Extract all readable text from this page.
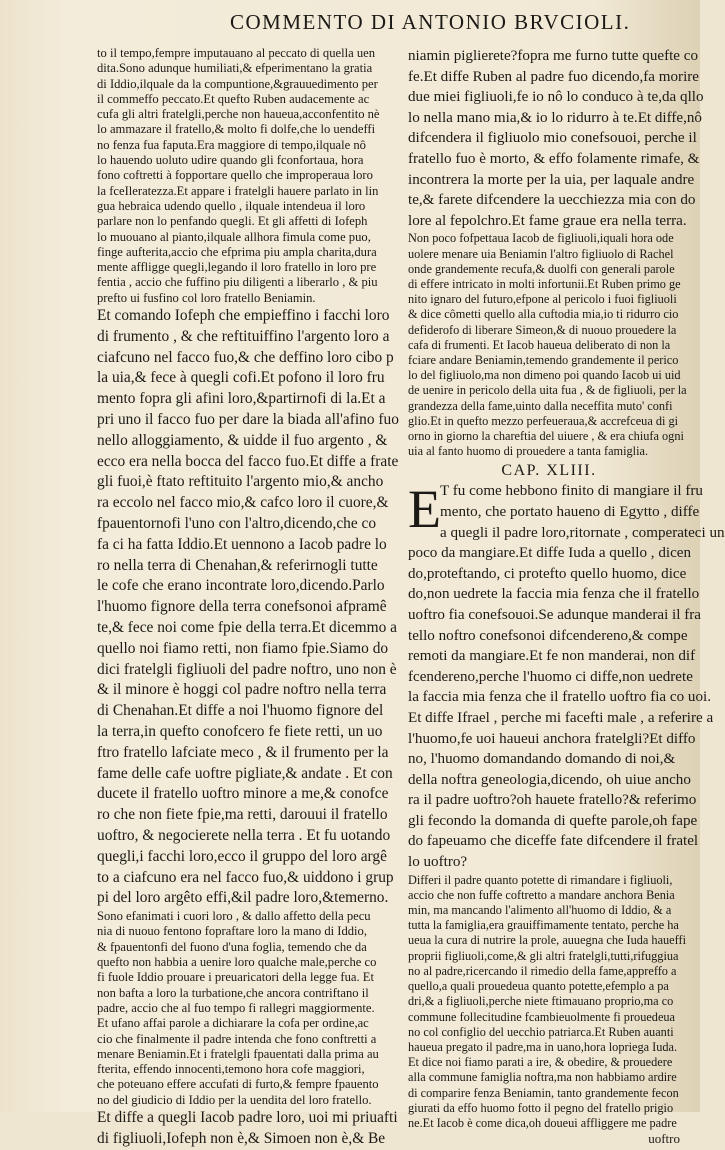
COMMENTO DI ANTONIO BRVCIOLI.
to il tempo,fempre imputauano al peccato di quella uen
dita.Sono adunque humiliati,& efperimentano la gratia
di Iddio,ilquale da la compuntione,&grauuedimento per
il commeffo peccato.Et quefto Ruben audacemente ac
cufa gli altri fratelgli,perche non haueua,acconfentito nè
lo ammazare il fratello,& molto fi dolfe,che lo uendeffi
no fenza fua faputa.Era maggiore di tempo,ilquale nô
lo hauendo uoluto udire quando gli fconfortaua, hora
fono coftretti à fopportare quello che improperaua loro
la fceIleratezza.Et appare i fratelgli hauere parlato in lin
gua hebraica udendo quello , ilquale intendeua il loro
parlare non lo penfando quegli. Et gli affetti di Iofeph
lo muouano al pianto,ilquale allhora fimula come puo,
finge aufterita,accio che efprima piu ampla charita,dura
mente affligge quegli,legando il loro fratello in loro pre
fentia , accio che fuffino piu diligenti a liberarlo , & piu
prefto ui fusfino col loro fratello Beniamin.
Et comando Iofeph che empieffino i facchi loro
di frumento , & che reftituiffino l'argento loro a
ciafcuno nel facco fuo,& che deffino loro cibo p
la uia,& fece à quegli cofi.Et pofono il loro fru
mento fopra gli afini loro,&partirnofi di la.Et a
pri uno il facco fuo per dare la biada all'afino fuo
nello alloggiamento, & uidde il fuo argento , &
ecco era nella bocca del facco fuo.Et diffe a frate
gli fuoi,è ftato reftituito l'argento mio,& ancho
ra eccolo nel facco mio,& cafco loro il cuore,&
fpauentornofi l'uno con l'altro,dicendo,che co
fa ci ha fatta Iddio.Et uennono a Iacob padre lo
ro nella terra di Chenahan,& referirnogli tutte
le cofe che erano incontrate loro,dicendo.Parlo
l'huomo fignore della terra conefsonoi afpramê
te,& fece noi come fpie della terra.Et dicemmo a
quello noi fiamo retti, non fiamo fpie.Siamo do
dici fratelgli figliuoli del padre noftro, uno non è
& il minore è hoggi col padre noftro nella terra
di Chenahan.Et diffe a noi l'huomo fignore del
la terra,in quefto conofcero fe fiete retti, un uo
ftro fratello lafciate meco , & il frumento per la
fame delle cafe uoftre pigliate,& andate . Et con
ducete il fratello uoftro minore a me,& conofce
ro che non fiete fpie,ma retti, darouui il fratello
uoftro, & negocierete nella terra . Et fu uotando
quegli,i facchi loro,ecco il gruppo del loro argê
to a ciafcuno era nel facco fuo,& uiddono i grup
pi del loro argêto effi,&il padre loro,&temerno.
Sono efanimati i cuori loro , & dallo affetto della pecu
nia di nuouo fentono fopraftare loro la mano di Iddio,
& fpauentonfi del fuono d'una foglia, temendo che da
quefto non habbia a uenire loro qualche male,perche co
fi fuole Iddio prouare i preuaricatori della legge fua. Et
non bafta a loro la turbatione,che ancora contriftano il
padre, accio che al fuo tempo fi rallegri maggiormente.
Et ufano affai parole a dichiarare la cofa per ordine,ac
cio che finalmente il padre intenda che fono conftretti a
menare Beniamin.Et i fratelgli fpauentati dalla prima au
fterita, effendo innocenti,temono hora cofe maggiori,
che poteuano effere accufati di furto,& fempre fpauento
no del giudicio di Iddio per la uendita del loro fratello.
Et diffe a quegli Iacob padre loro, uoi mi priuafti
di figliuoli,Iofeph non è,& Simoen non è,& Be
niamin piglierete?fopra me furno tutte quefte co
fe.Et diffe Ruben al padre fuo dicendo,fa morire
due miei figliuoli,fe io nô lo conduco à te,da qllo
lo nella mano mia,& io lo ridurro à te.Et diffe,nô
difcendera il figliuolo mio conefsouoi, perche il
fratello fuo è morto, & effo folamente rimafe, &
incontrera la morte per la uia, per laquale andre
te,& farete difcendere la uecchiezza mia con do
lore al fepolchro.Et fame graue era nella terra.
Non poco fofpettaua Iacob de figliuoli,iquali hora ode
uolere menare uia Beniamin l'altro figliuolo di Rachel
onde grandemente recufa,& duolfi con generali parole
di effere intricato in molti infortunii.Et Ruben primo ge
nito ignaro del futuro,efpone al pericolo i fuoi figliuoli
& dice cômetti quello alla cuftodia mia,io ti ridurro cio
defiderofo di liberare Simeon,& di nuouo prouedere la
cafa di frumenti. Et Iacob haueua deliberato di non la
fciare andare Beniamin,temendo grandemente il perico
lo del figliuolo,ma non dimeno poi quando Iacob ui uid
de uenire in pericolo della uita fua , & de figliuoli, per la
grandezza della fame,uinto dalla neceffita muto' confi
glio.Et in quefto mezzo perfeueraua,& accrefceua di gi
orno in giorno la chareftia del uiuere , & era chiufa ogni
uia al fanto huomo di prouedere a tanta famiglia.
CAP. XLIII.
E T fu come hebbono finito di mangiare il fru
mento, che portato haueno di Egytto , diffe
a quegli il padre loro,ritornate , comperateci un
poco da mangiare.Et diffe Iuda a quello , dicen
do,proteftando, ci protefto quello huomo, dice
do,non uedrete la faccia mia fenza che il fratello
uoftro fia conefsouoi.Se adunque manderai il fra
tello noftro conefsonoi difcendereno,& compe
remoti da mangiare.Et fe non manderai, non dif
fcendereno,perche l'huomo ci diffe,non uedrete
la faccia mia fenza che il fratello uoftro fia co uoi.
Et diffe Ifrael , perche mi facefti male , a referire a
l'huomo,fe uoi haueui anchora fratelgli?Et diffo
no, l'huomo domandando domando di noi,&
della noftra geneologia,dicendo, oh uiue ancho
ra il padre uoftro?oh hauete fratello?& referimo
gli fecondo la domanda di quefte parole,oh fape
do fapeuamo che diceffe fate difcendere il fratel
lo uoftro?
Differi il padre quanto potette di rimandare i figliuoli,
accio che non fuffe coftretto a mandare anchora Benia
min, ma mancando l'alimento all'huomo di Iddio, & a
tutta la famiglia,era grauiffimamente tentato, perche ha
ueua la cura di nutrire la prole, auuegna che Iuda haueffi
proprii figliuoli,come,& gli altri fratelgli,tutti,rifuggiua
no al padre,ricercando il rimedio della fame,appreffo a
quello,a quali prouedeua quanto potette,efemplo a pa
dri,& a figliuoli,perche niete ftimauano proprio,ma co
commune follecitudine fcambieuolmente fi prouedeua
no col configlio del uecchio patriarca.Et Ruben auanti
haueua pregato il padre,ma in uano,hora lopriega Iuda.
Et dice noi fiamo parati a ire, & obedire, & prouedere
alla commune famiglia noftra,ma non habbiamo ardire
di comparire fenza Beniamin, tanto grandemente fecon
giurati da effo huomo fotto il pegno del fratello prigio
ne.Et Iacob è come dica,oh doueui affliggere me padre
uoftro
